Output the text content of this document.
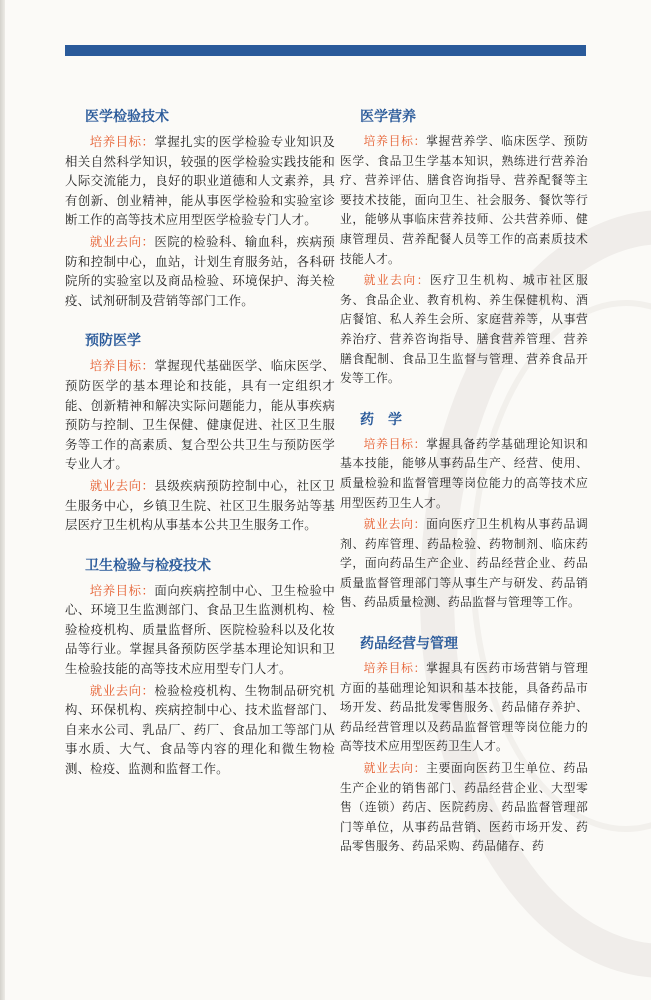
医学检验技术

培养目标：掌握扎实的医学检验专业知识及相关自然科学知识，较强的医学检验实践技能和人际交流能力，良好的职业道德和人文素养，具有创新、创业精神，能从事医学检验和实验室诊断工作的高等技术应用型医学检验专门人才。

就业去向：医院的检验科、输血科，疾病预防和控制中心，血站，计划生育服务站，各科研院所的实验室以及商品检验、环境保护、海关检疫、试剂研制及营销等部门工作。

预防医学

培养目标：掌握现代基础医学、临床医学、预防医学的基本理论和技能，具有一定组织才能、创新精神和解决实际问题能力，能从事疾病预防与控制、卫生保健、健康促进、社区卫生服务等工作的高素质、复合型公共卫生与预防医学专业人才。

就业去向：县级疾病预防控制中心，社区卫生服务中心，乡镇卫生院、社区卫生服务站等基层医疗卫生机构从事基本公共卫生服务工作。

卫生检验与检疫技术

培养目标：面向疾病控制中心、卫生检验中心、环境卫生监测部门、食品卫生监测机构、检验检疫机构、质量监督所、医院检验科以及化妆品等行业。掌握具备预防医学基本理论知识和卫生检验技能的高等技术应用型专门人才。

就业去向：检验检疫机构、生物制品研究机构、环保机构、疾病控制中心、技术监督部门、自来水公司、乳品厂、药厂、食品加工等部门从事水质、大气、食品等内容的理化和微生物检测、检疫、监测和监督工作。

医学营养

培养目标：掌握营养学、临床医学、预防医学、食品卫生学基本知识，熟练进行营养治疗、营养评估、膳食咨询指导、营养配餐等主要技术技能，面向卫生、社会服务、餐饮等行业，能够从事临床营养技师、公共营养师、健康管理员、营养配餐人员等工作的高素质技术技能人才。

就业去向：医疗卫生机构、城市社区服务、食品企业、教育机构、养生保健机构、酒店餐馆、私人养生会所、家庭营养等，从事营养治疗、营养咨询指导、膳食营养管理、营养膳食配制、食品卫生监督与管理、营养食品开发等工作。

药　学

培养目标：掌握具备药学基础理论知识和基本技能，能够从事药品生产、经营、使用、质量检验和监督管理等岗位能力的高等技术应用型医药卫生人才。

就业去向：面向医疗卫生机构从事药品调剂、药库管理、药品检验、药物制剂、临床药学，面向药品生产企业、药品经营企业、药品质量监督管理部门等从事生产与研发、药品销售、药品质量检测、药品监督与管理等工作。

药品经营与管理

培养目标：掌握具有医药市场营销与管理方面的基础理论知识和基本技能，具备药品市场开发、药品批发零售服务、药品储存养护、药品经营管理以及药品监督管理等岗位能力的高等技术应用型医药卫生人才。

就业去向：主要面向医药卫生单位、药品生产企业的销售部门、药品经营企业、大型零售（连锁）药店、医院药房、药品监督管理部门等单位，从事药品营销、医药市场开发、药品零售服务、药品采购、药品储存、药
